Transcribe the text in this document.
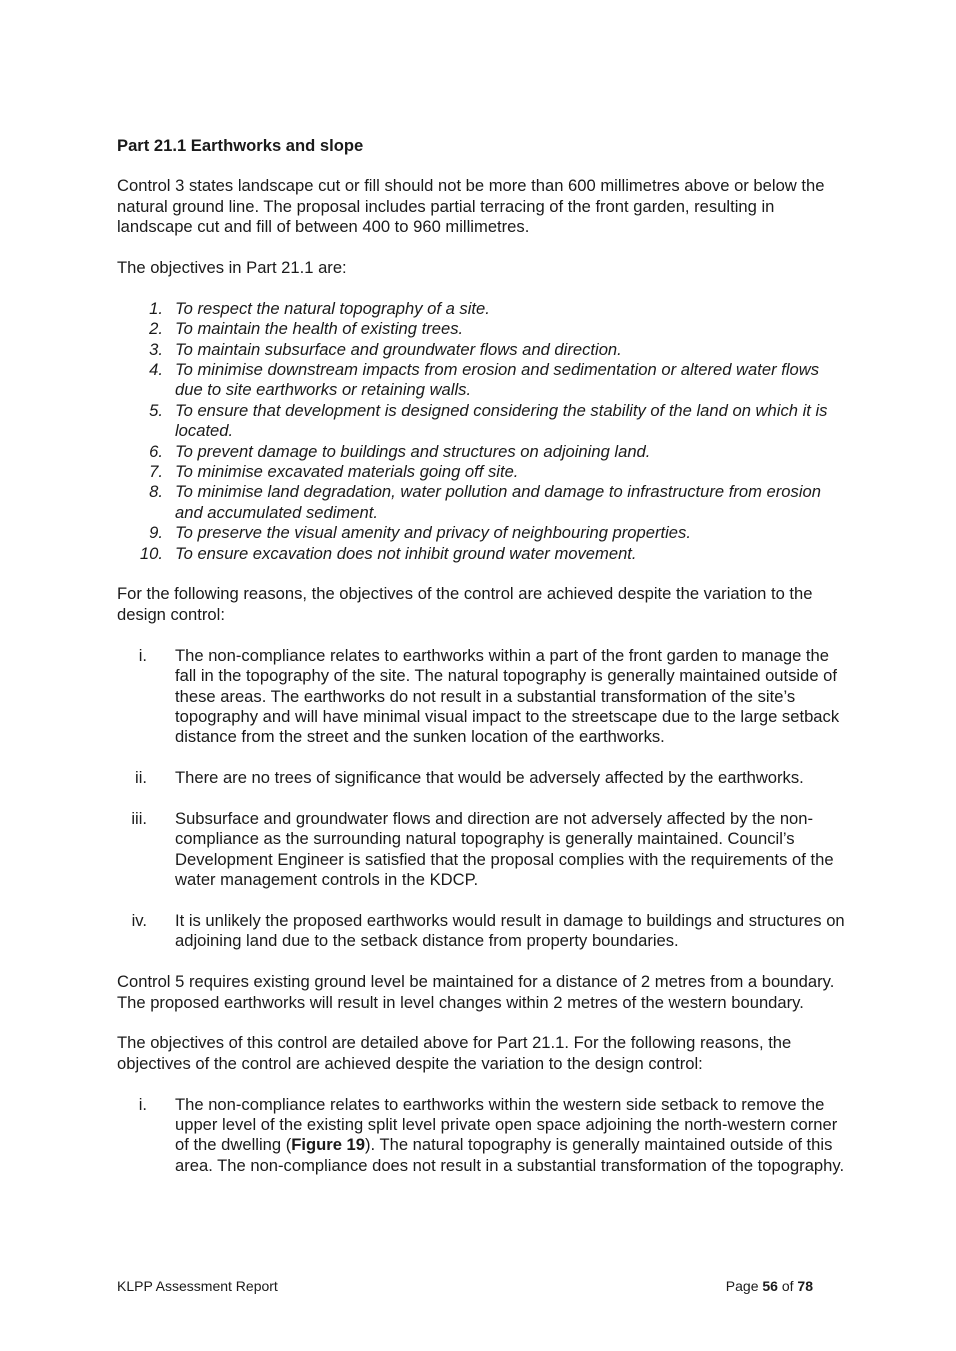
Part 21.1 Earthworks and slope

Control 3 states landscape cut or fill should not be more than 600 millimetres above or below the natural ground line. The proposal includes partial terracing of the front garden, resulting in landscape cut and fill of between 400 to 960 millimetres.

The objectives in Part 21.1 are:

1. To respect the natural topography of a site.
2. To maintain the health of existing trees.
3. To maintain subsurface and groundwater flows and direction.
4. To minimise downstream impacts from erosion and sedimentation or altered water flows due to site earthworks or retaining walls.
5. To ensure that development is designed considering the stability of the land on which it is located.
6. To prevent damage to buildings and structures on adjoining land.
7. To minimise excavated materials going off site.
8. To minimise land degradation, water pollution and damage to infrastructure from erosion and accumulated sediment.
9. To preserve the visual amenity and privacy of neighbouring properties.
10. To ensure excavation does not inhibit ground water movement.

For the following reasons, the objectives of the control are achieved despite the variation to the design control:

i. The non-compliance relates to earthworks within a part of the front garden to manage the fall in the topography of the site. The natural topography is generally maintained outside of these areas. The earthworks do not result in a substantial transformation of the site’s topography and will have minimal visual impact to the streetscape due to the large setback distance from the street and the sunken location of the earthworks.
ii. There are no trees of significance that would be adversely affected by the earthworks.
iii. Subsurface and groundwater flows and direction are not adversely affected by the non-compliance as the surrounding natural topography is generally maintained. Council’s Development Engineer is satisfied that the proposal complies with the requirements of the water management controls in the KDCP.
iv. It is unlikely the proposed earthworks would result in damage to buildings and structures on adjoining land due to the setback distance from property boundaries.

Control 5 requires existing ground level be maintained for a distance of 2 metres from a boundary. The proposed earthworks will result in level changes within 2 metres of the western boundary.

The objectives of this control are detailed above for Part 21.1. For the following reasons, the objectives of the control are achieved despite the variation to the design control:

i. The non-compliance relates to earthworks within the western side setback to remove the upper level of the existing split level private open space adjoining the north-western corner of the dwelling (Figure 19). The natural topography is generally maintained outside of this area. The non-compliance does not result in a substantial transformation of the topography.
KLPP Assessment Report	Page 56 of 78
